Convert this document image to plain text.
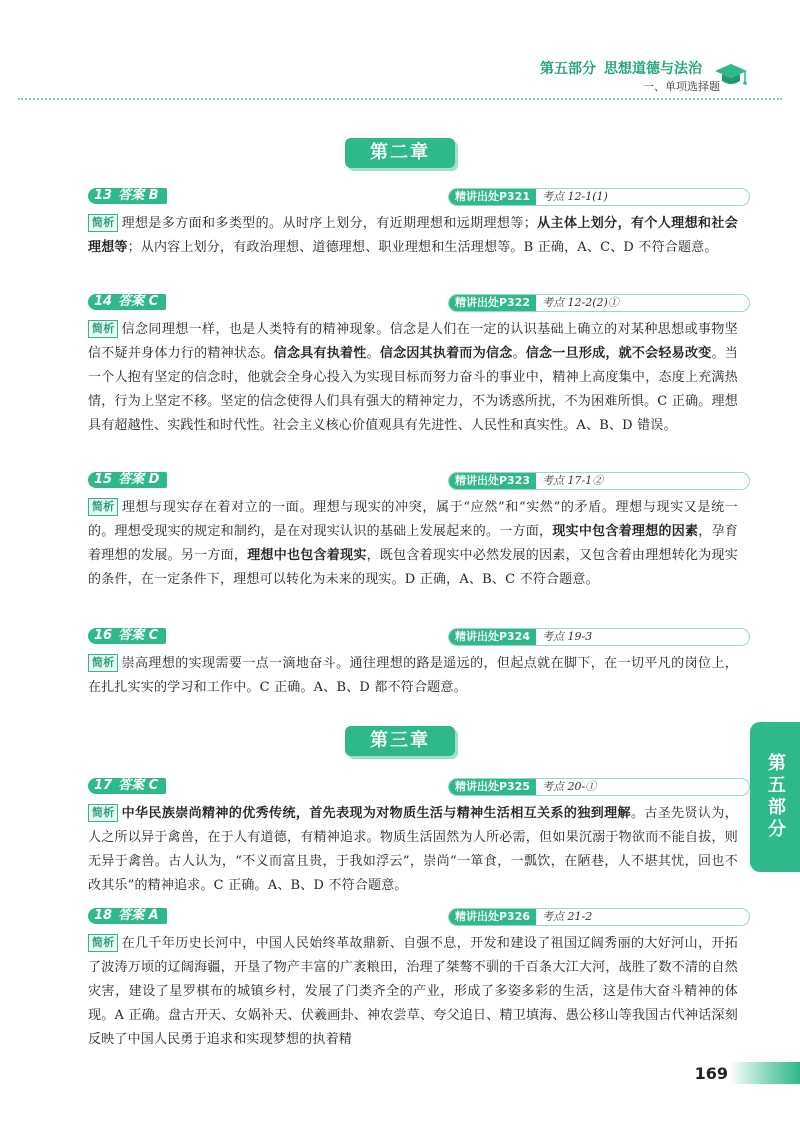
第五部分 思想道德与法治
一、单项选择题
第二章
13 答案 B	精讲出处P321 考点 12-1(1)
简析 理想是多方面和多类型的。从时序上划分，有近期理想和远期理想等；从主体上划分，有个人理想和社会理想等；从内容上划分，有政治理想、道德理想、职业理想和生活理想等。B 正确，A、C、D 不符合题意。
14 答案 C	精讲出处P322 考点 12-2(2)①
简析 信念同理想一样，也是人类特有的精神现象。信念是人们在一定的认识基础上确立的对某种思想或事物坚信不疑并身体力行的精神状态。信念具有执着性。信念因其执着而为信念。信念一旦形成，就不会轻易改变。当一个人抱有坚定的信念时，他就会全身心投入为实现目标而努力奋斗的事业中，精神上高度集中，态度上充满热情，行为上坚定不移。坚定的信念使得人们具有强大的精神定力，不为诱惑所扰，不为困难所惧。C 正确。理想具有超越性、实践性和时代性。社会主义核心价值观具有先进性、人民性和真实性。A、B、D 错误。
15 答案 D	精讲出处P323 考点 17-1②
简析 理想与现实存在着对立的一面。理想与现实的冲突，属于“应然”和“实然”的矛盾。理想与现实又是统一的。理想受现实的规定和制约，是在对现实认识的基础上发展起来的。一方面，现实中包含着理想的因素，孕育着理想的发展。另一方面，理想中也包含着现实，既包含着现实中必然发展的因素，又包含着由理想转化为现实的条件，在一定条件下，理想可以转化为未来的现实。D 正确，A、B、C 不符合题意。
16 答案 C	精讲出处P324 考点 19-3
简析 崇高理想的实现需要一点一滴地奋斗。通往理想的路是遥远的，但起点就在脚下，在一切平凡的岗位上，在扎扎实实的学习和工作中。C 正确。A、B、D 都不符合题意。
第三章
17 答案 C	精讲出处P325 考点 20-①
简析 中华民族崇尚精神的优秀传统，首先表现为对物质生活与精神生活相互关系的独到理解。古圣先贤认为，人之所以异于禽兽，在于人有道德，有精神追求。物质生活固然为人所必需，但如果沉溺于物欲而不能自拔，则无异于禽兽。古人认为，“不义而富且贵，于我如浮云”，崇尚“一箪食，一瓢饮，在陋巷，人不堪其忧，回也不改其乐”的精神追求。C 正确。A、B、D 不符合题意。
18 答案 A	精讲出处P326 考点 21-2
简析 在几千年历史长河中，中国人民始终革故鼎新、自强不息，开发和建设了祖国辽阔秀丽的大好河山，开拓了波涛万顷的辽阔海疆，开垦了物产丰富的广袤粮田，治理了桀骜不驯的千百条大江大河，战胜了数不清的自然灾害，建设了星罗棋布的城镇乡村，发展了门类齐全的产业，形成了多姿多彩的生活，这是伟大奋斗精神的体现。A 正确。盘古开天、女娲补天、伏羲画卦、神农尝草、夸父追日、精卫填海、愚公移山等我国古代神话深刻反映了中国人民勇于追求和实现梦想的执着精
第五部分
169
